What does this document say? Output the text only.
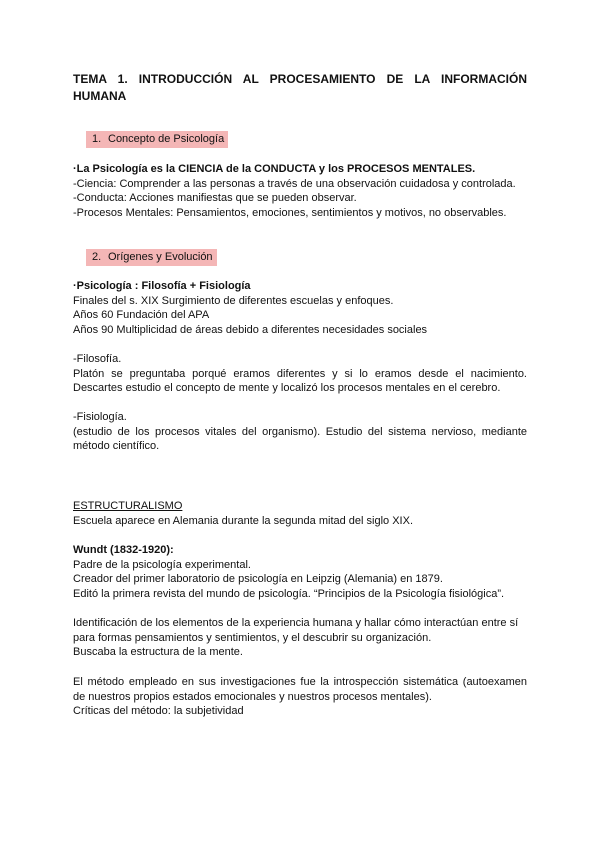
TEMA 1. INTRODUCCIÓN AL PROCESAMIENTO DE LA INFORMACIÓN
HUMANA
1. Concepto de Psicología
·La Psicología es la CIENCIA de la CONDUCTA y los PROCESOS MENTALES.
-Ciencia: Comprender a las personas a través de una observación cuidadosa y controlada.
-Conducta: Acciones manifiestas que se pueden observar.
-Procesos Mentales: Pensamientos, emociones, sentimientos y motivos, no observables.
2. Orígenes y Evolución
·Psicología : Filosofía + Fisiología
Finales del s. XIX Surgimiento de diferentes escuelas y enfoques.
Años 60 Fundación del APA
Años 90 Multiplicidad de áreas debido a diferentes necesidades sociales
-Filosofía.
Platón se preguntaba porqué eramos diferentes y si lo eramos desde el nacimiento.
Descartes estudio el concepto de mente y localizó los procesos mentales en el cerebro.
-Fisiología.
(estudio de los procesos vitales del organismo). Estudio del sistema nervioso, mediante
método científico.
ESTRUCTURALISMO
Escuela aparece en Alemania durante la segunda mitad del siglo XIX.
Wundt (1832-1920):
Padre de la psicología experimental.
Creador del primer laboratorio de psicología en Leipzig (Alemania) en 1879.
Editó la primera revista del mundo de psicología. “Principios de la Psicología fisiológica”.
Identificación de los elementos de la experiencia humana y hallar cómo interactúan entre sí
para formas pensamientos y sentimientos, y el descubrir su organización.
Buscaba la estructura de la mente.
El método empleado en sus investigaciones fue la introspección sistemática (autoexamen
de nuestros propios estados emocionales y nuestros procesos mentales).
Críticas del método: la subjetividad
